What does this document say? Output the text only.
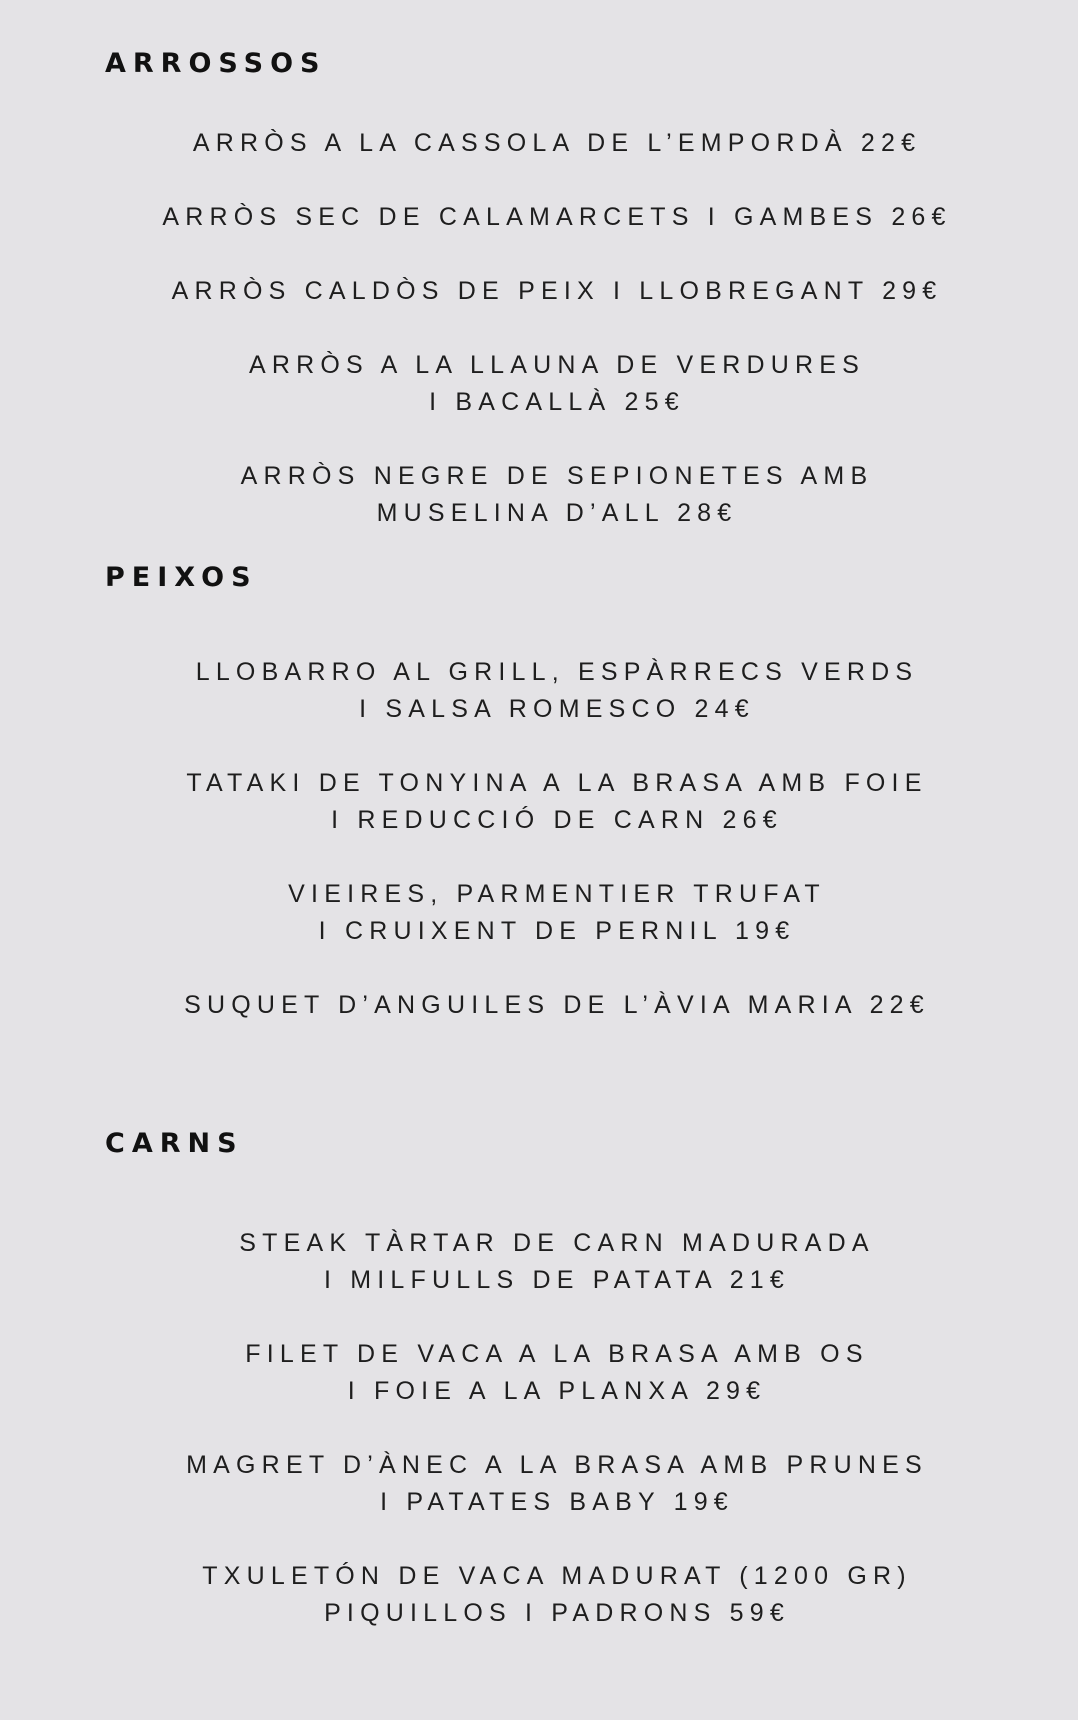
ARROSSOS
ARRÒS A LA CASSOLA DE L’EMPORDÀ 22€
ARRÒS SEC DE CALAMARCETS I GAMBES 26€
ARRÒS CALDÒS DE PEIX I LLOBREGANT 29€
ARRÒS A LA LLAUNA DE VERDURES
I BACALLÀ 25€
ARRÒS NEGRE DE SEPIONETES AMB
MUSELINA D’ALL 28€
PEIXOS
LLOBARRO AL GRILL, ESPÀRRECS VERDS
I SALSA ROMESCO 24€
TATAKI DE TONYINA A LA BRASA AMB FOIE
I REDUCCIÓ DE CARN 26€
VIEIRES, PARMENTIER TRUFAT
I CRUIXENT DE PERNIL 19€
SUQUET D’ANGUILES DE L’ÀVIA MARIA 22€
CARNS
STEAK TÀRTAR DE CARN MADURADA
I MILFULLS DE PATATA 21€
FILET DE VACA A LA BRASA AMB OS
I FOIE A LA PLANXA 29€
MAGRET D’ÀNEC A LA BRASA AMB PRUNES
I PATATES BABY 19€
TXULETÓN DE VACA MADURAT (1200 GR)
PIQUILLOS I PADRONS 59€
